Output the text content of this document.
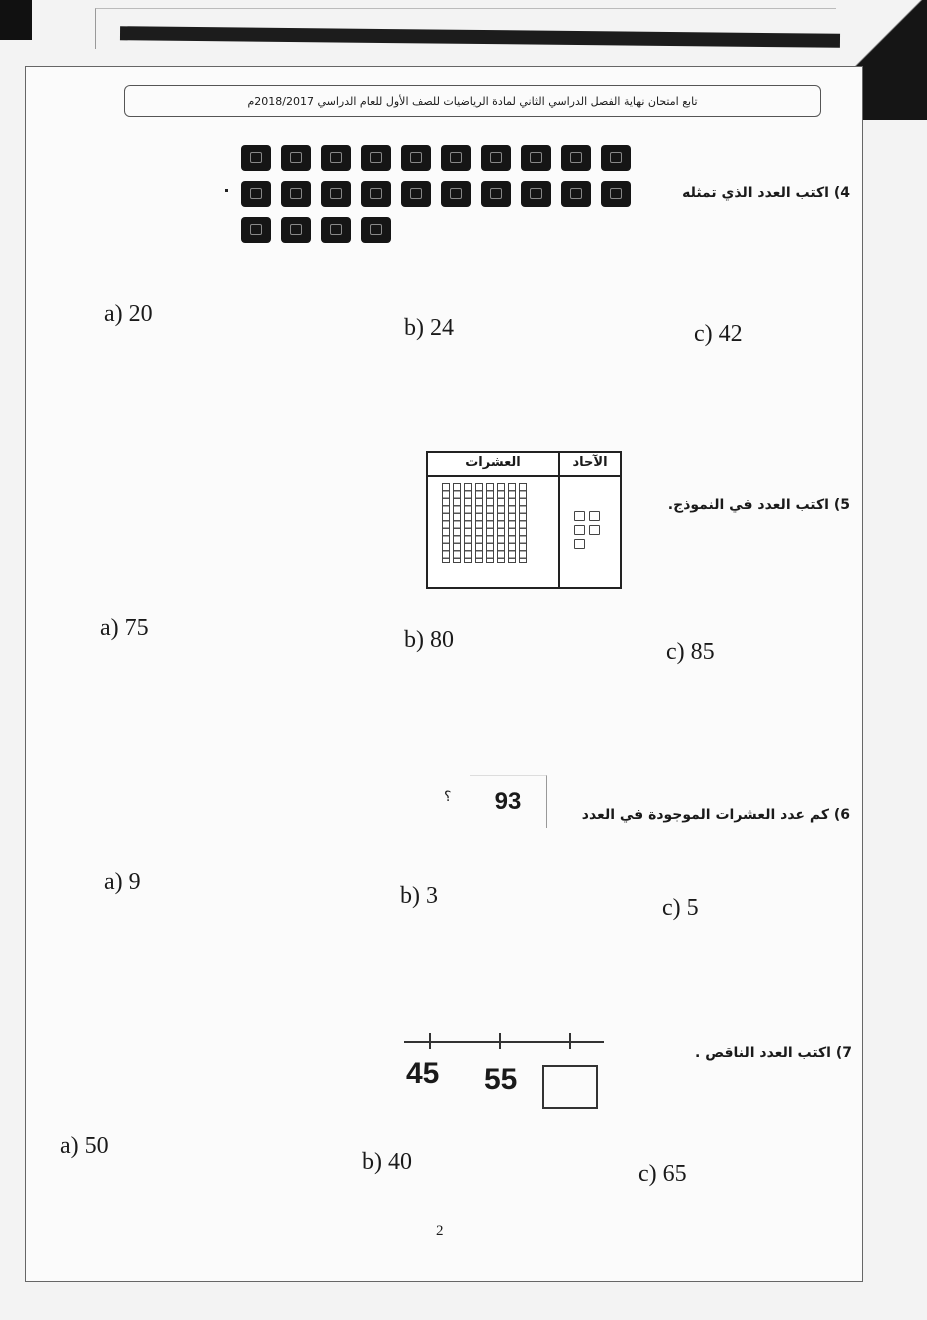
تابع امتحان نهاية الفصل الدراسي الثاني لمادة الرياضيات للصف الأول للعام الدراسي 2018/2017م
4) اكتب العدد الذي تمثله
a) 20
b) 24	c) 42
5) اكتب العدد في النموذج.
العشرات	الآحاد
a) 75	b) 80	c) 85
6) كم عدد العشرات الموجودة في العدد
93
؟
a) 9
b) 3	c) 5
7) اكتب العدد الناقص .
45 55
a) 50
b) 40	c) 65
2
